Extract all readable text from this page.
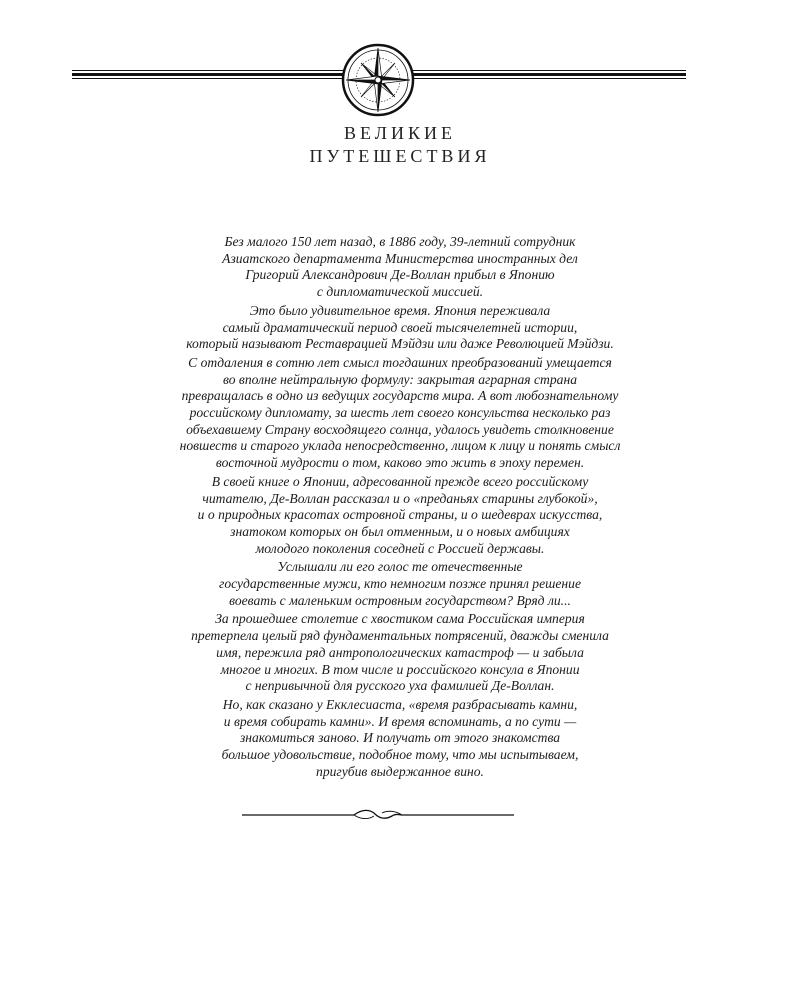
ВЕЛИКИЕ
ПУТЕШЕСТВИЯ

Без малого 150 лет назад, в 1886 году, 39-летний сотрудник
Азиатского департамента Министерства иностранных дел
Григорий Александрович Де-Воллан прибыл в Японию
с дипломатической миссией.

Это было удивительное время. Япония переживала
самый драматический период своей тысячелетней истории,
который называют Реставрацией Мэйдзи или даже Революцией Мэйдзи.

С отдаления в сотню лет смысл тогдашних преобразований умещается
во вполне нейтральную формулу: закрытая аграрная страна
превращалась в одно из ведущих государств мира. А вот любознательному
российскому дипломату, за шесть лет своего консульства несколько раз
объехавшему Страну восходящего солнца, удалось увидеть столкновение
новшеств и старого уклада непосредственно, лицом к лицу и понять смысл
восточной мудрости о том, каково это жить в эпоху перемен.

В своей книге о Японии, адресованной прежде всего российскому
читателю, Де-Воллан рассказал и о «преданьях старины глубокой»,
и о природных красотах островной страны, и о шедеврах искусства,
знатоком которых он был отменным, и о новых амбициях
молодого поколения соседней с Россией державы.

Услышали ли его голос те отечественные
государственные мужи, кто немногим позже принял решение
воевать с маленьким островным государством? Вряд ли...

За прошедшее столетие с хвостиком сама Российская империя
претерпела целый ряд фундаментальных потрясений, дважды сменила
имя, пережила ряд антропологических катастроф — и забыла
многое и многих. В том числе и российского консула в Японии
с непривычной для русского уха фамилией Де-Воллан.

Но, как сказано у Екклесиаста, «время разбрасывать камни,
и время собирать камни». И время вспоминать, а по сути —
знакомиться заново. И получать от этого знакомства
большое удовольствие, подобное тому, что мы испытываем,
пригубив выдержанное вино.
